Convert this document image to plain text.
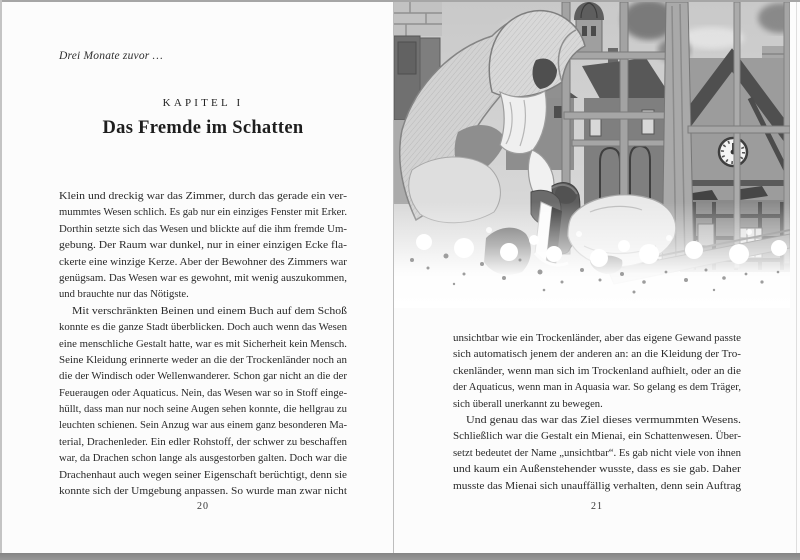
Drei Monate zuvor …
KAPITEL I
Das Fremde im Schatten
Klein und dreckig war das Zimmer, durch das gerade ein ver-
mummtes Wesen schlich. Es gab nur ein einziges Fenster mit Erker.
Dorthin setzte sich das Wesen und blickte auf die ihm fremde Um-
gebung. Der Raum war dunkel, nur in einer einzigen Ecke fla-
ckerte eine winzige Kerze. Aber der Bewohner des Zimmers war
genügsam. Das Wesen war es gewohnt, mit wenig auszukommen,
und brauchte nur das Nötigste.
Mit verschränkten Beinen und einem Buch auf dem Schoß
konnte es die ganze Stadt überblicken. Doch auch wenn das Wesen
eine menschliche Gestalt hatte, war es mit Sicherheit kein Mensch.
Seine Kleidung erinnerte weder an die der Trockenländer noch an
die der Windisch oder Wellenwanderer. Schon gar nicht an die der
Feueraugen oder Aquaticus. Nein, das Wesen war so in Stoff einge-
hüllt, dass man nur noch seine Augen sehen konnte, die hellgrau zu
leuchten schienen. Sein Anzug war aus einem ganz besonderen Ma-
terial, Drachenleder. Ein edler Rohstoff, der schwer zu beschaffen
war, da Drachen schon lange als ausgestorben galten. Doch war die
Drachenhaut auch wegen seiner Eigenschaft berüchtigt, denn sie
konnte sich der Umgebung anpassen. So wurde man zwar nicht
20
unsichtbar wie ein Trockenländer, aber das eigene Gewand passte
sich automatisch jenem der anderen an: an die Kleidung der Tro-
ckenländer, wenn man sich im Trockenland aufhielt, oder an die
der Aquaticus, wenn man in Aquasia war. So gelang es dem Träger,
sich überall unerkannt zu bewegen.
Und genau das war das Ziel dieses vermummten Wesens.
Schließlich war die Gestalt ein Mienai, ein Schattenwesen. Über-
setzt bedeutet der Name „unsichtbar“. Es gab nicht viele von ihnen
und kaum ein Außenstehender wusste, dass es sie gab. Daher
musste das Mienai sich unauffällig verhalten, denn sein Auftrag
21
